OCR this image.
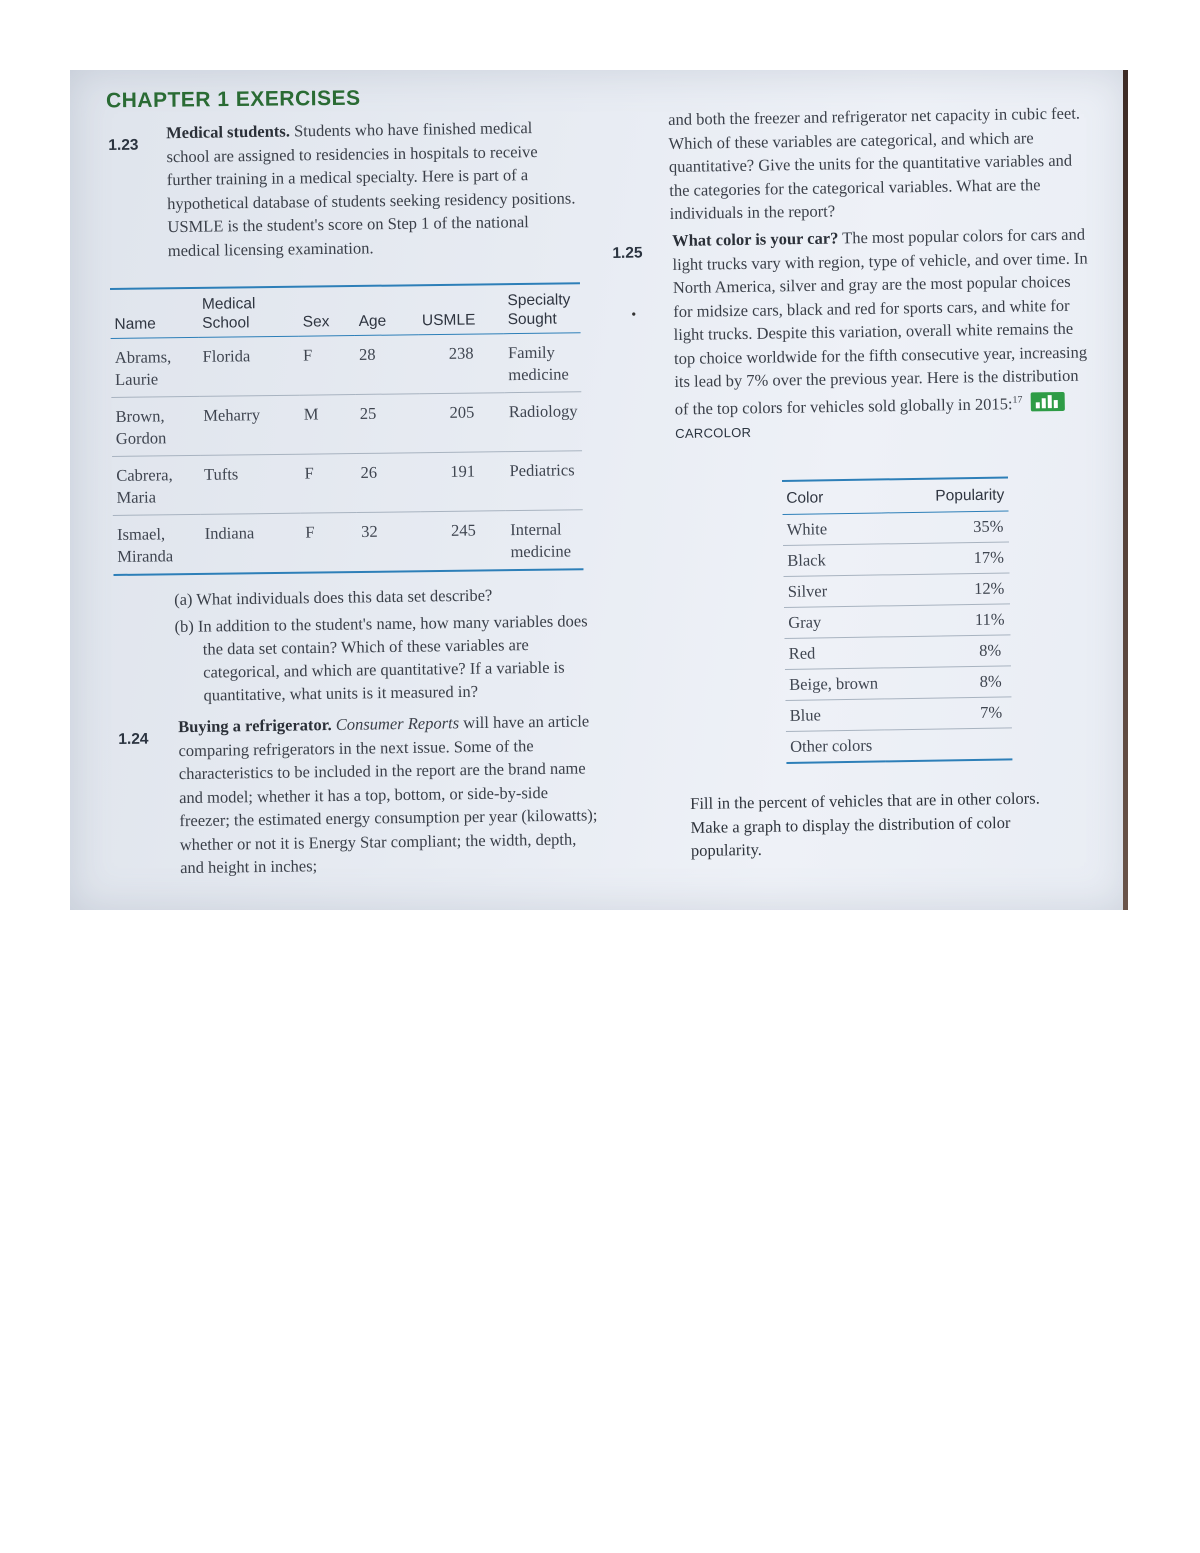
CHAPTER 1 EXERCISES
1.23
Medical students. Students who have finished medical school are assigned to residencies in hospitals to receive further training in a medical specialty. Here is part of a hypothetical database of students seeking residency positions. USMLE is the student's score on Step 1 of the national medical licensing examination.
Name	Medical School	Sex	Age	USMLE	Specialty Sought
Abrams, Laurie	Florida	F	28	238	Family medicine
Brown, Gordon	Meharry	M	25	205	Radiology
Cabrera, Maria	Tufts	F	26	191	Pediatrics
Ismael, Miranda	Indiana	F	32	245	Internal medicine
(a) What individuals does this data set describe?
(b) In addition to the student's name, how many variables does the data set contain? Which of these variables are categorical, and which are quantitative? If a variable is quantitative, what units is it measured in?
1.24
Buying a refrigerator. Consumer Reports will have an article comparing refrigerators in the next issue. Some of the characteristics to be included in the report are the brand name and model; whether it has a top, bottom, or side-by-side freezer; the estimated energy consumption per year (kilowatts); whether or not it is Energy Star compliant; the width, depth, and height in inches;
and both the freezer and refrigerator net capacity in cubic feet. Which of these variables are categorical, and which are quantitative? Give the units for the quantitative variables and the categories for the categorical variables. What are the individuals in the report?
1.25
•
What color is your car? The most popular colors for cars and light trucks vary with region, type of vehicle, and over time. In North America, silver and gray are the most popular choices for midsize cars, black and red for sports cars, and white for light trucks. Despite this variation, overall white remains the top choice worldwide for the fifth consecutive year, increasing its lead by 7% over the previous year. Here is the distribution of the top colors for vehicles sold globally in 2015:$^{17}$
CARCOLOR
Color	Popularity
White	35%
Black	17%
Silver	12%
Gray	11%
Red	8%
Beige, brown	8%
Blue	7%
Other colors	
Fill in the percent of vehicles that are in other colors. Make a graph to display the distribution of color popularity.
